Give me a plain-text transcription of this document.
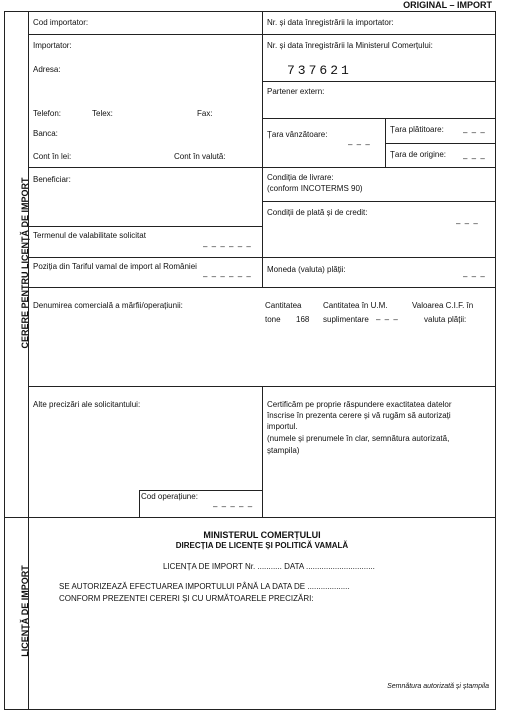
ORIGINAL – IMPORT
CERERE PENTRU LICENȚĂ DE IMPORT
LICENȚĂ DE IMPORT
Cod importator:	Nr. și data înregistrării la importator:
Nr. și data înregistrării la Ministerul Comerțului:
737621
Partener extern:
Importator:
Adresa:
Telefon:	Telex:	Fax:
Banca:
Cont în lei:	Cont în valută:
Țara vânzătoare:
– – –
Țara plătitoare: – – –
Țara de origine: – – –
Beneficiar:	Condiția de livrare:
(conform INCOTERMS 90)
Condiții de plată și de credit:
– – –
Termenul de valabilitate solicitat
– – – – – –
Poziția din Tariful vamal de import al României
– – – – – –
Moneda (valuta) plății:
– – –
Denumirea comercială a mărfii/operațiunii:	Cantitatea
tone 168
Cantitatea în U.M.
suplimentare – – –
Valoarea C.I.F. în
valuta plății:
Alte precizări ale solicitantului:	Certificăm pe proprie răspundere exactitatea datelor
înscrise în prezenta cerere și vă rugăm să autorizați
importul.
(numele și prenumele în clar, semnătura autorizată,
ștampila)
Cod operațiune:
– – – – –
MINISTERUL COMERȚULUI
DIRECȚIA DE LICENȚE ȘI POLITICĂ VAMALĂ
LICENȚA DE IMPORT Nr. ........... DATA ...............................
SE AUTORIZEAZĂ EFECTUAREA IMPORTULUI PÂNĂ LA DATA DE ...................
CONFORM PREZENTEI CERERI ȘI CU URMĂTOARELE PRECIZĂRI:
Semnătura autorizată și ștampila
